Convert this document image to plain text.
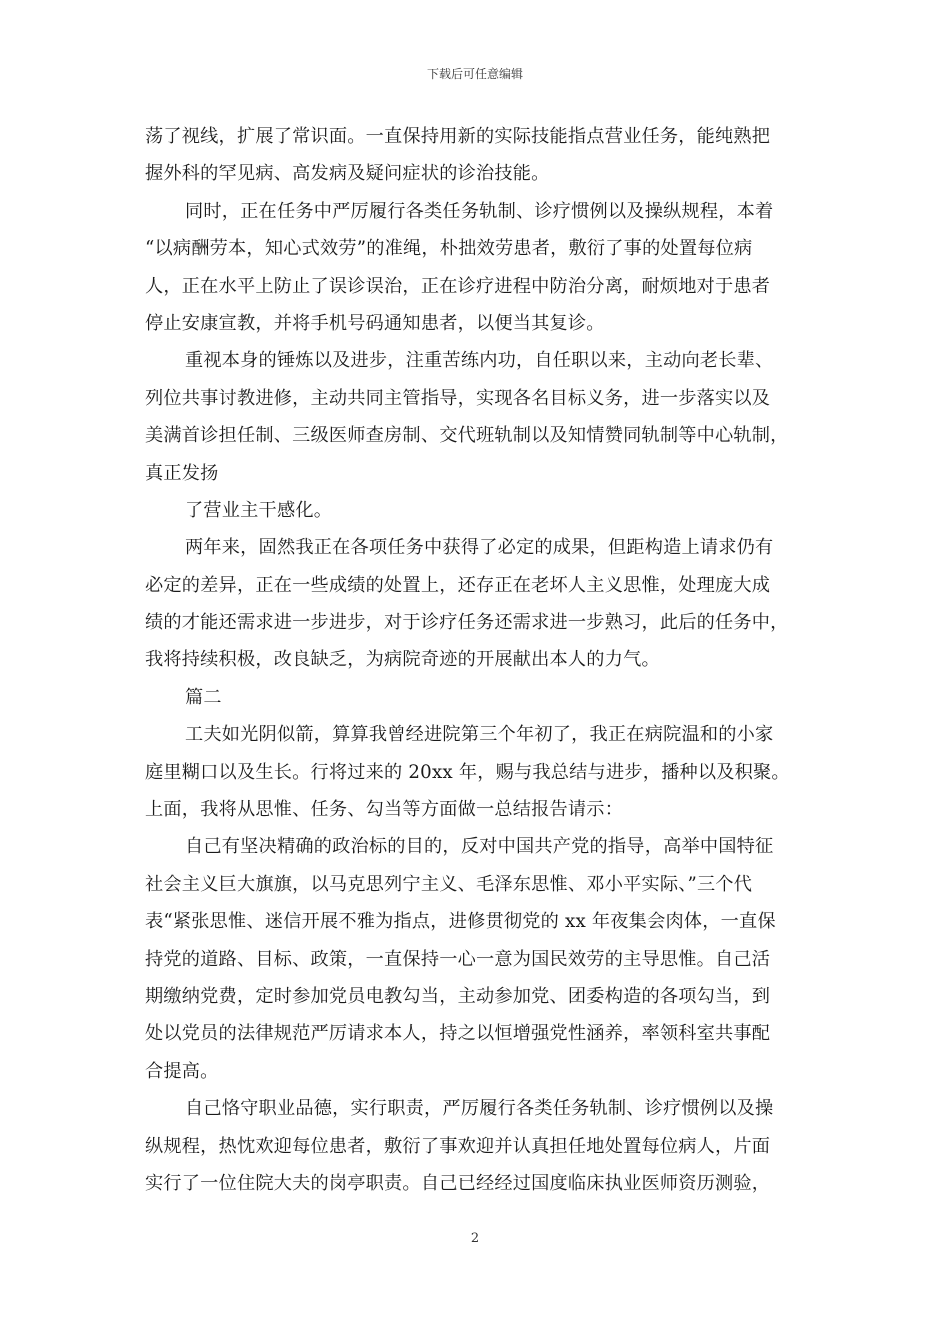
下载后可任意编辑
荡了视线，扩展了常识面。一直保持用新的实际技能指点营业任务，能纯熟把
握外科的罕见病、高发病及疑问症状的诊治技能。
同时，正在任务中严厉履行各类任务轨制、诊疗惯例以及操纵规程，本着
“以病酬劳本，知心式效劳”的准绳，朴拙效劳患者，敷衍了事的处置每位病
人，正在水平上防止了误诊误治，正在诊疗进程中防治分离，耐烦地对于患者
停止安康宣教，并将手机号码通知患者，以便当其复诊。
重视本身的锤炼以及进步，注重苦练内功，自任职以来，主动向老长辈、
列位共事讨教进修，主动共同主管指导，实现各名目标义务，进一步落实以及
美满首诊担任制、三级医师查房制、交代班轨制以及知情赞同轨制等中心轨制，
真正发扬
了营业主干感化。
两年来，固然我正在各项任务中获得了必定的成果，但距构造上请求仍有
必定的差异，正在一些成绩的处置上，还存正在老坏人主义思惟，处理庞大成
绩的才能还需求进一步进步，对于诊疗任务还需求进一步熟习，此后的任务中，
我将持续积极，改良缺乏，为病院奇迹的开展献出本人的力气。
篇二
工夫如光阴似箭，算算我曾经进院第三个年初了，我正在病院温和的小家
庭里糊口以及生长。行将过来的 20xx 年，赐与我总结与进步，播种以及积聚。
上面，我将从思惟、任务、勾当等方面做一总结报告请示：
自己有坚决精确的政治标的目的，反对中国共产党的指导，高举中国特征
社会主义巨大旗旗，以马克思列宁主义、毛泽东思惟、邓小平实际、”三个代
表“紧张思惟、迷信开展不雅为指点，进修贯彻党的 xx 年夜集会肉体，一直保
持党的道路、目标、政策，一直保持一心一意为国民效劳的主导思惟。自己活
期缴纳党费，定时参加党员电教勾当，主动参加党、团委构造的各项勾当，到
处以党员的法律规范严厉请求本人，持之以恒增强党性涵养，率领科室共事配
合提高。
自己恪守职业品德，实行职责，严厉履行各类任务轨制、诊疗惯例以及操
纵规程，热忱欢迎每位患者，敷衍了事欢迎并认真担任地处置每位病人，片面
实行了一位住院大夫的岗亭职责。自己已经经过国度临床执业医师资历测验，
2
